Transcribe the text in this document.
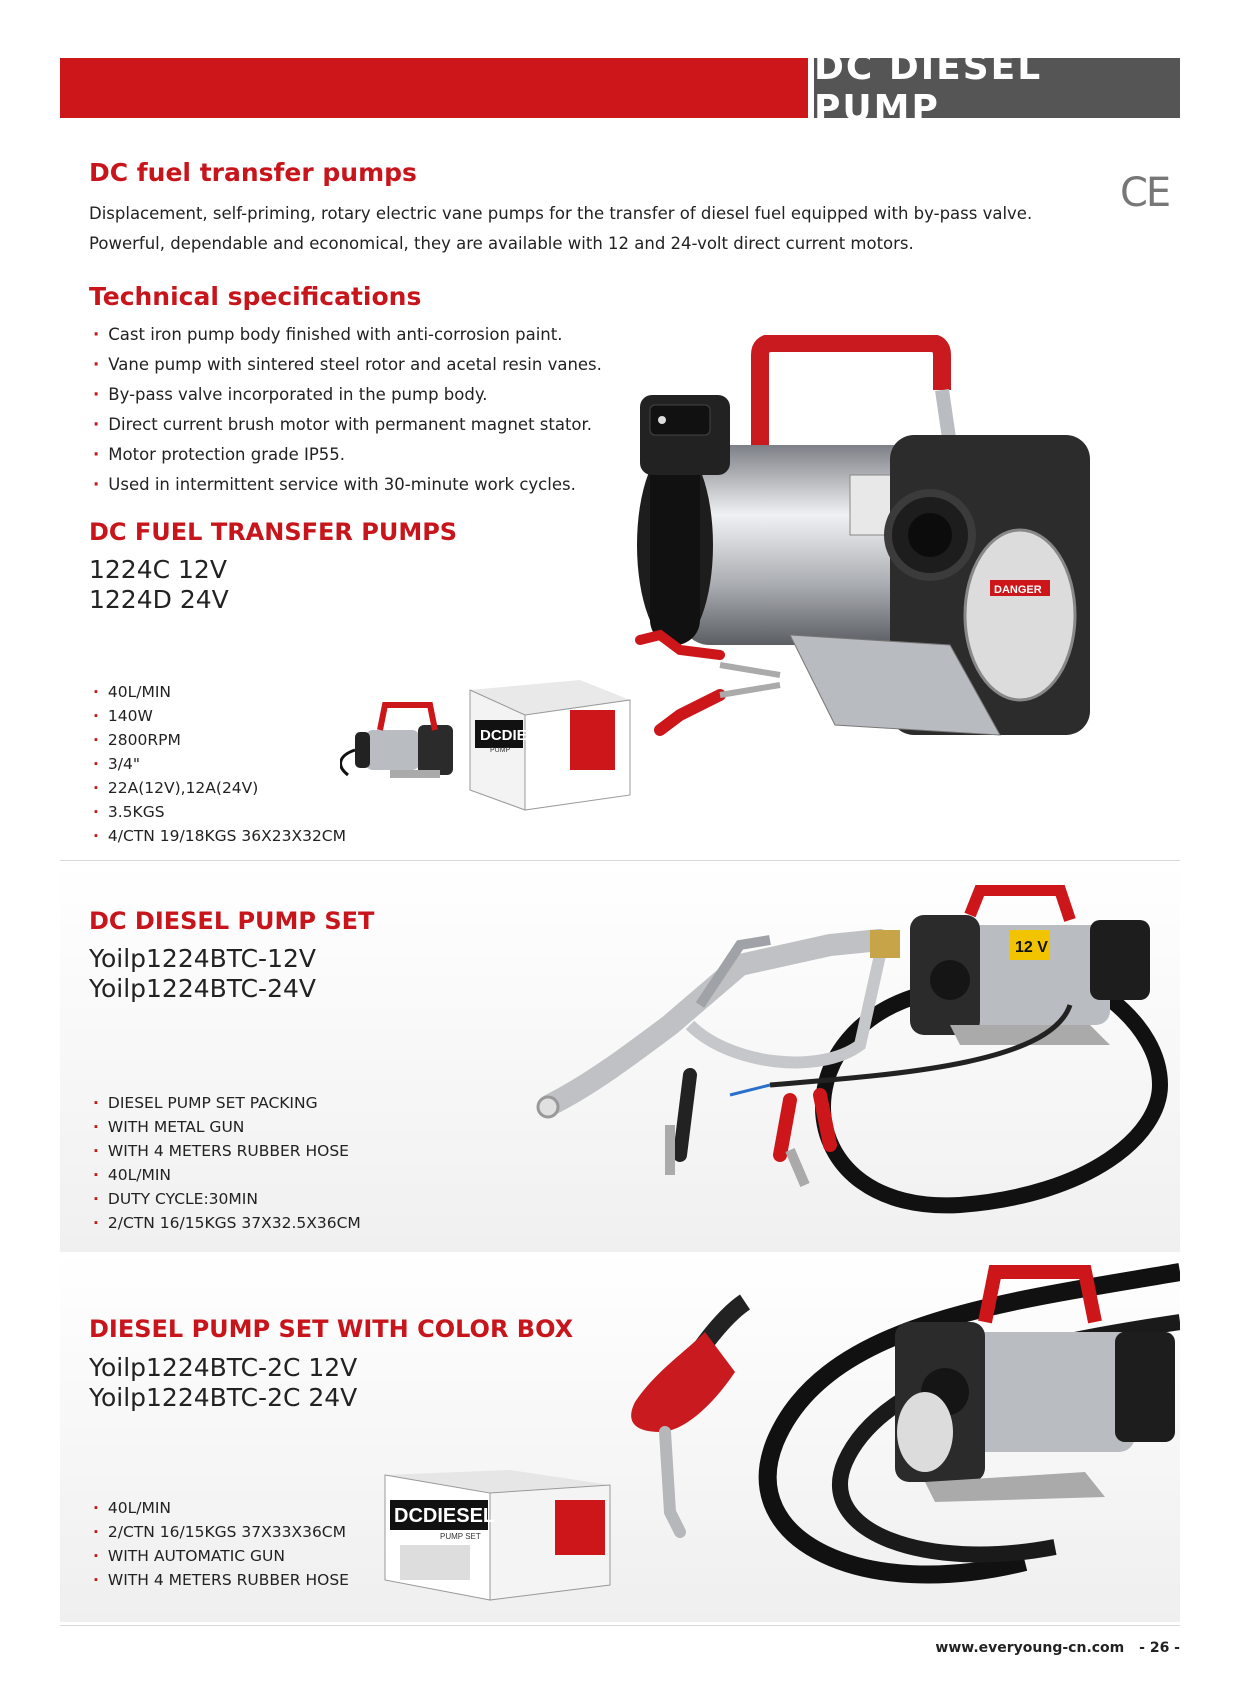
DC DIESEL PUMP
DC fuel transfer pumps
Displacement, self-priming, rotary electric vane pumps for the transfer of diesel fuel equipped with by-pass valve.
Powerful, dependable and economical, they are available with 12 and 24-volt direct current motors.
CE
Technical specifications
· Cast iron pump body finished with anti-corrosion paint.
· Vane pump with sintered steel rotor and acetal resin vanes.
· By-pass valve incorporated in the pump body.
· Direct current brush motor with permanent magnet stator.
· Motor protection grade IP55.
· Used in intermittent service with 30-minute work cycles.
DC FUEL TRANSFER PUMPS
1224C 12V
1224D 24V
· 40L/MIN
· 140W
· 2800RPM
· 3/4"
· 22A(12V),12A(24V)
· 3.5KGS
· 4/CTN 19/18KGS 36X23X32CM
DCDIESEL
PUMP
DANGER
DC DIESEL PUMP SET
Yoilp1224BTC-12V
Yoilp1224BTC-24V
· DIESEL PUMP SET PACKING
· WITH METAL GUN
· WITH 4 METERS RUBBER HOSE
· 40L/MIN
· DUTY CYCLE:30MIN
· 2/CTN 16/15KGS 37X32.5X36CM
12 V
DIESEL PUMP SET WITH COLOR BOX
Yoilp1224BTC-2C 12V
Yoilp1224BTC-2C 24V
· 40L/MIN
· 2/CTN 16/15KGS 37X33X36CM
· WITH AUTOMATIC GUN
· WITH 4 METERS RUBBER HOSE
DCDIESEL
PUMP SET
www.everyoung-cn.com - 26 -
